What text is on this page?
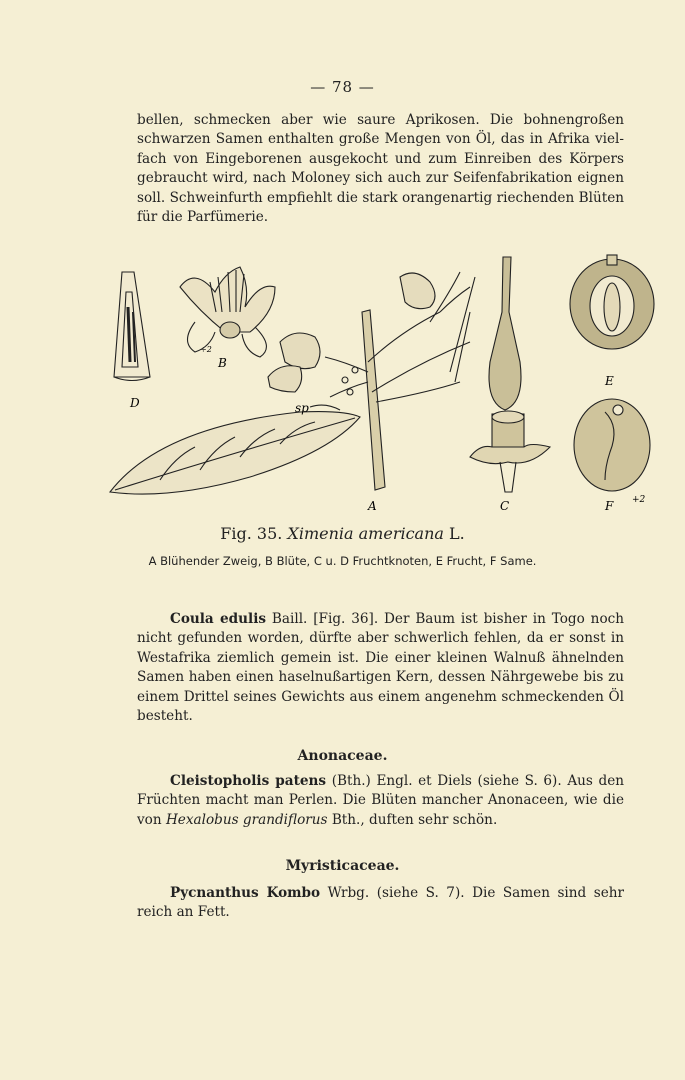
— 78 —
bellen, schmecken aber wie saure Aprikosen. Die bohnengroßen
schwarzen Samen enthalten große Mengen von Öl, das in Afrika viel-
fach von Eingeborenen ausgekocht und zum Einreiben des Körpers
gebraucht wird, nach Moloney sich auch zur Seifenfabrikation eignen
soll. Schweinfurth empfiehlt die stark orangenartig riechenden Blüten
für die Parfümerie.
D
B
÷2
sp
A	C
E
F +2
Fig. 35. Ximenia americana L.
A Blühender Zweig, B Blüte, C u. D Fruchtknoten, E Frucht, F Same.
Coula edulis Baill. [Fig. 36]. Der Baum ist bisher in Togo noch
nicht gefunden worden, dürfte aber schwerlich fehlen, da er sonst in
Westafrika ziemlich gemein ist. Die einer kleinen Walnuß ähnelnden
Samen haben einen haselnußartigen Kern, dessen Nährgewebe bis zu
einem Drittel seines Gewichts aus einem angenehm schmeckenden Öl
besteht.
Anonaceae.
Cleistopholis patens (Bth.) Engl. et Diels (siehe S. 6). Aus den
Früchten macht man Perlen. Die Blüten mancher Anonaceen, wie die
von Hexalobus grandiflorus Bth., duften sehr schön.
Myristicaceae.
Pycnanthus Kombo Wrbg. (siehe S. 7). Die Samen sind sehr
reich an Fett.
